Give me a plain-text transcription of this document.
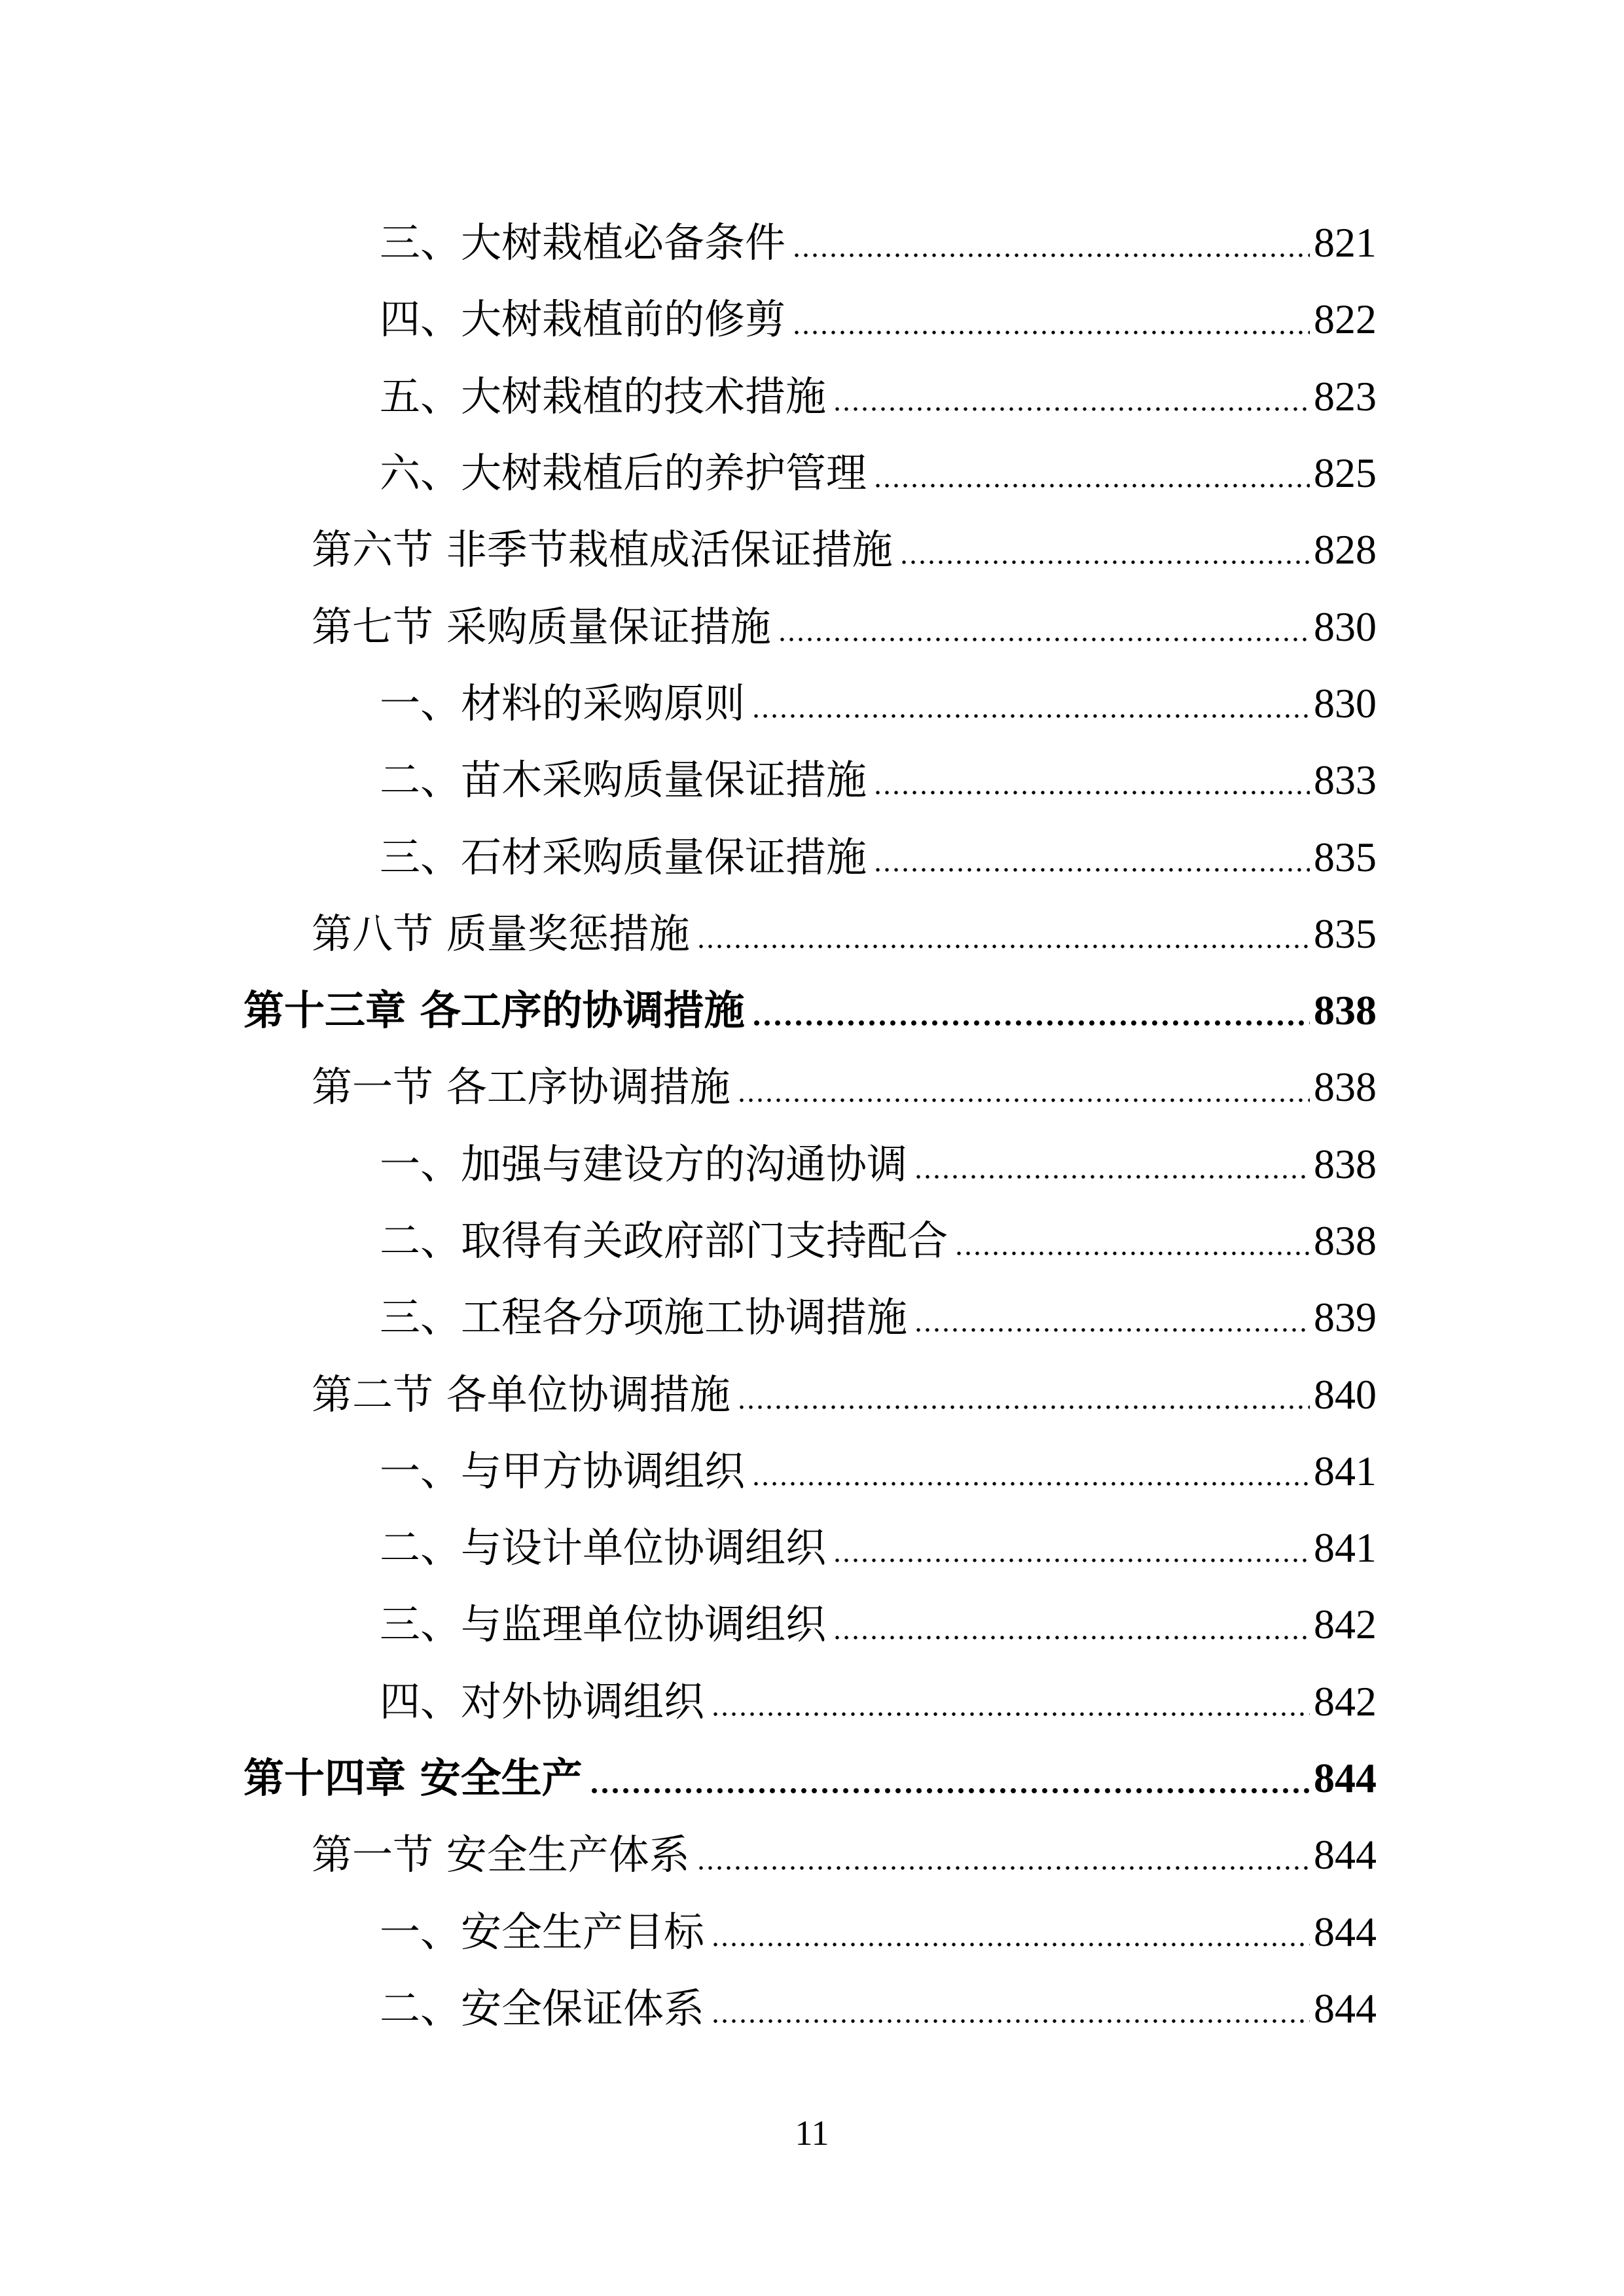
三、大树栽植必备条件	821
四、大树栽植前的修剪	822
五、大树栽植的技术措施	823
六、大树栽植后的养护管理	825
第六节 非季节栽植成活保证措施	828
第七节 采购质量保证措施	830
一、材料的采购原则	830
二、苗木采购质量保证措施	833
三、石材采购质量保证措施	835
第八节 质量奖惩措施	835
第十三章 各工序的协调措施	838
第一节 各工序协调措施	838
一、加强与建设方的沟通协调	838
二、取得有关政府部门支持配合	838
三、工程各分项施工协调措施	839
第二节 各单位协调措施	840
一、与甲方协调组织	841
二、与设计单位协调组织	841
三、与监理单位协调组织	842
四、对外协调组织	842
第十四章 安全生产	844
第一节 安全生产体系	844
一、安全生产目标	844
二、安全保证体系	844
11
